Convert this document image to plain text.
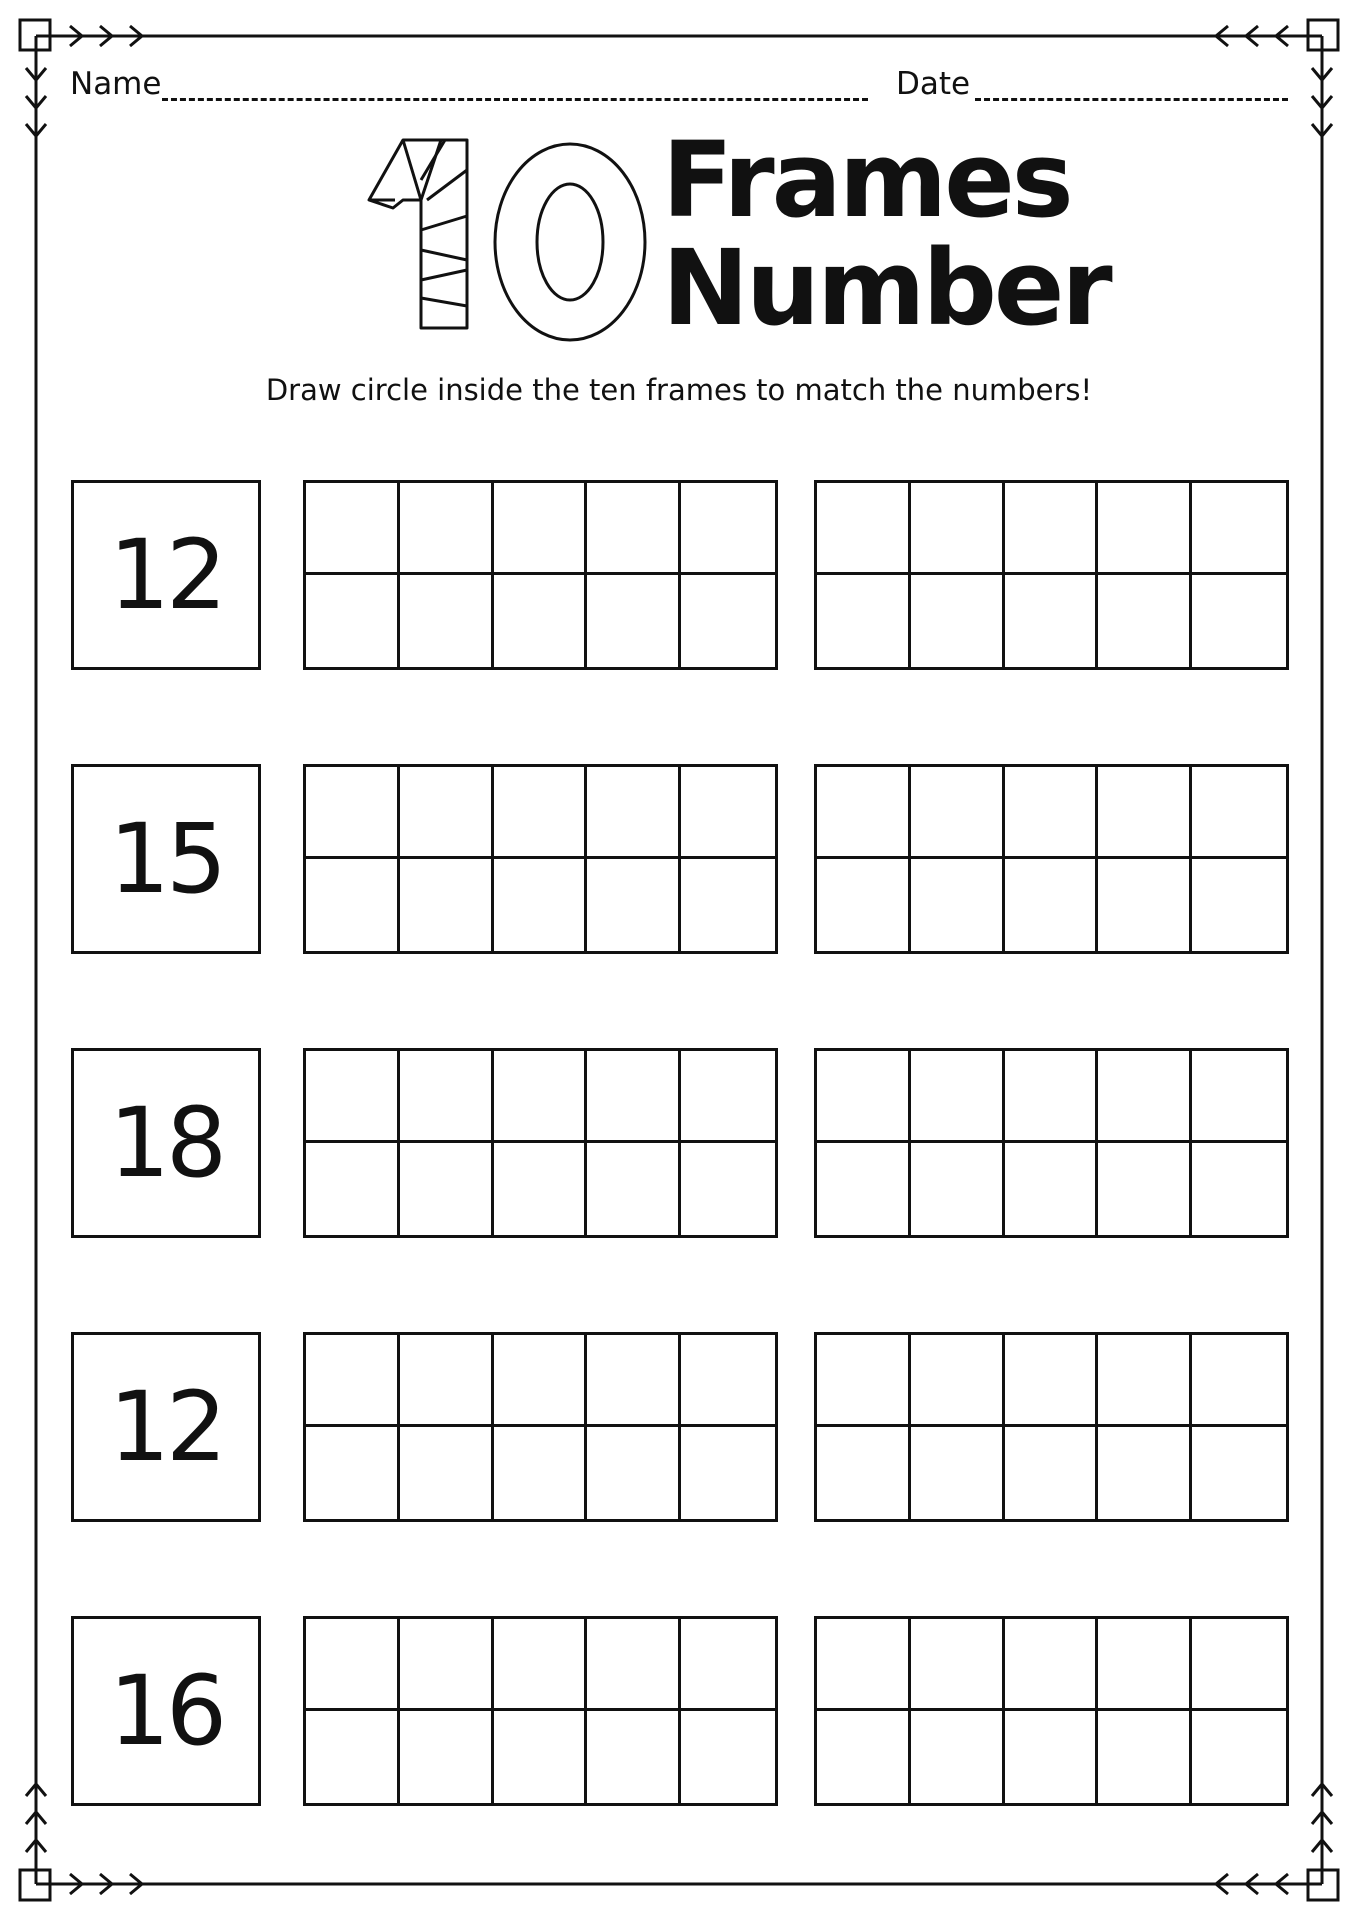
Name	Date
Frames
Number
Draw circle inside the ten frames to match the numbers!
12
15
18
12
16
